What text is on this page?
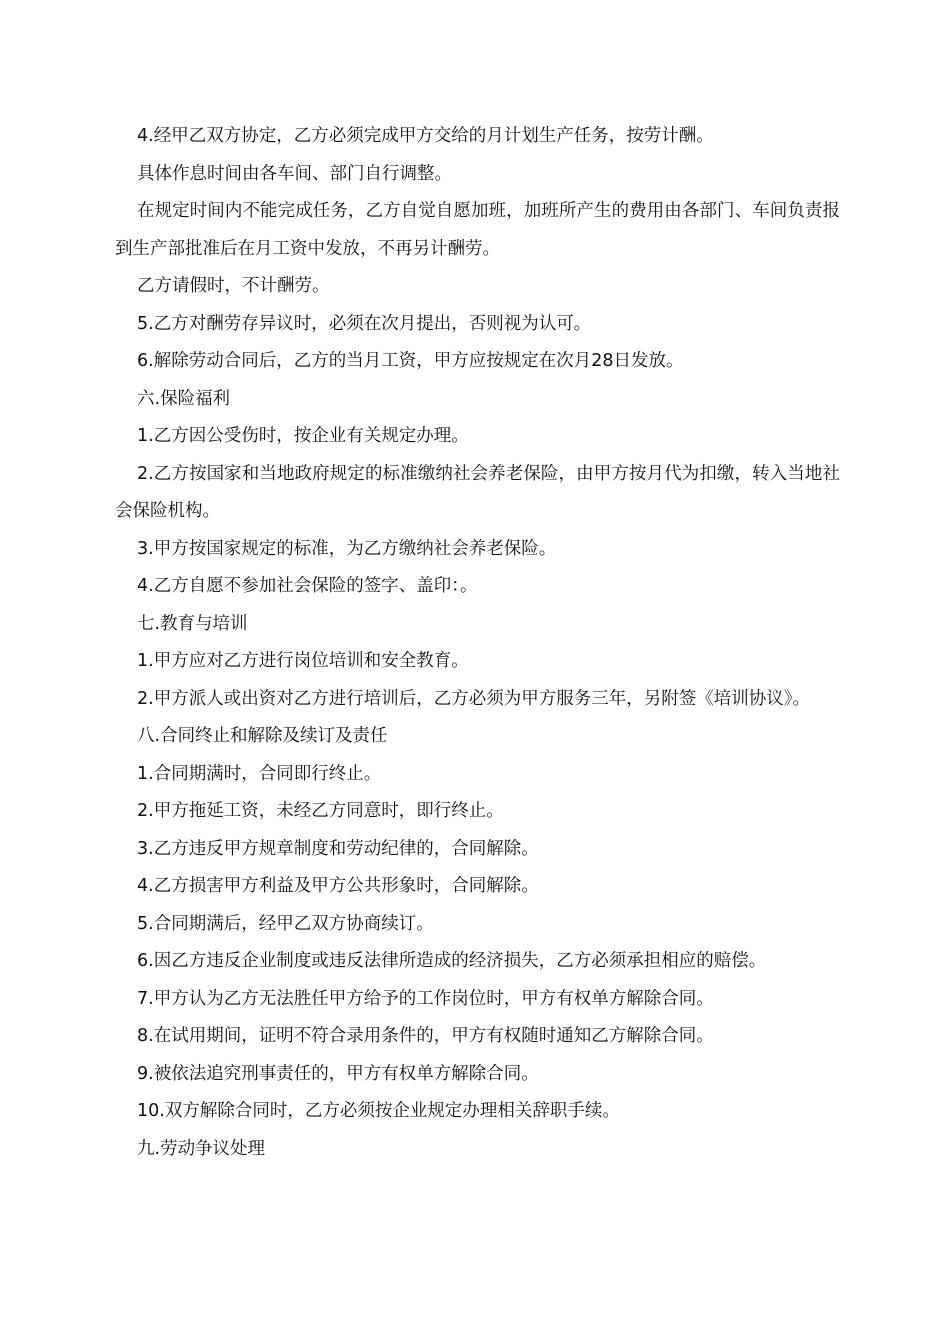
4.经甲乙双方协定，乙方必须完成甲方交给的月计划生产任务，按劳计酬。

具体作息时间由各车间、部门自行调整。

在规定时间内不能完成任务，乙方自觉自愿加班，加班所产生的费用由各部门、车间负责报到生产部批准后在月工资中发放，不再另计酬劳。

乙方请假时，不计酬劳。

5.乙方对酬劳存异议时，必须在次月提出，否则视为认可。

6.解除劳动合同后，乙方的当月工资，甲方应按规定在次月28日发放。

六.保险福利

1.乙方因公受伤时，按企业有关规定办理。

2.乙方按国家和当地政府规定的标准缴纳社会养老保险，由甲方按月代为扣缴，转入当地社会保险机构。

3.甲方按国家规定的标准，为乙方缴纳社会养老保险。

4.乙方自愿不参加社会保险的签字、盖印：。

七.教育与培训

1.甲方应对乙方进行岗位培训和安全教育。

2.甲方派人或出资对乙方进行培训后，乙方必须为甲方服务三年，另附签《培训协议》。

八.合同终止和解除及续订及责任

1.合同期满时，合同即行终止。

2.甲方拖延工资，未经乙方同意时，即行终止。

3.乙方违反甲方规章制度和劳动纪律的，合同解除。

4.乙方损害甲方利益及甲方公共形象时，合同解除。

5.合同期满后，经甲乙双方协商续订。

6.因乙方违反企业制度或违反法律所造成的经济损失，乙方必须承担相应的赔偿。

7.甲方认为乙方无法胜任甲方给予的工作岗位时，甲方有权单方解除合同。

8.在试用期间，证明不符合录用条件的，甲方有权随时通知乙方解除合同。

9.被依法追究刑事责任的，甲方有权单方解除合同。

10.双方解除合同时，乙方必须按企业规定办理相关辞职手续。

九.劳动争议处理
